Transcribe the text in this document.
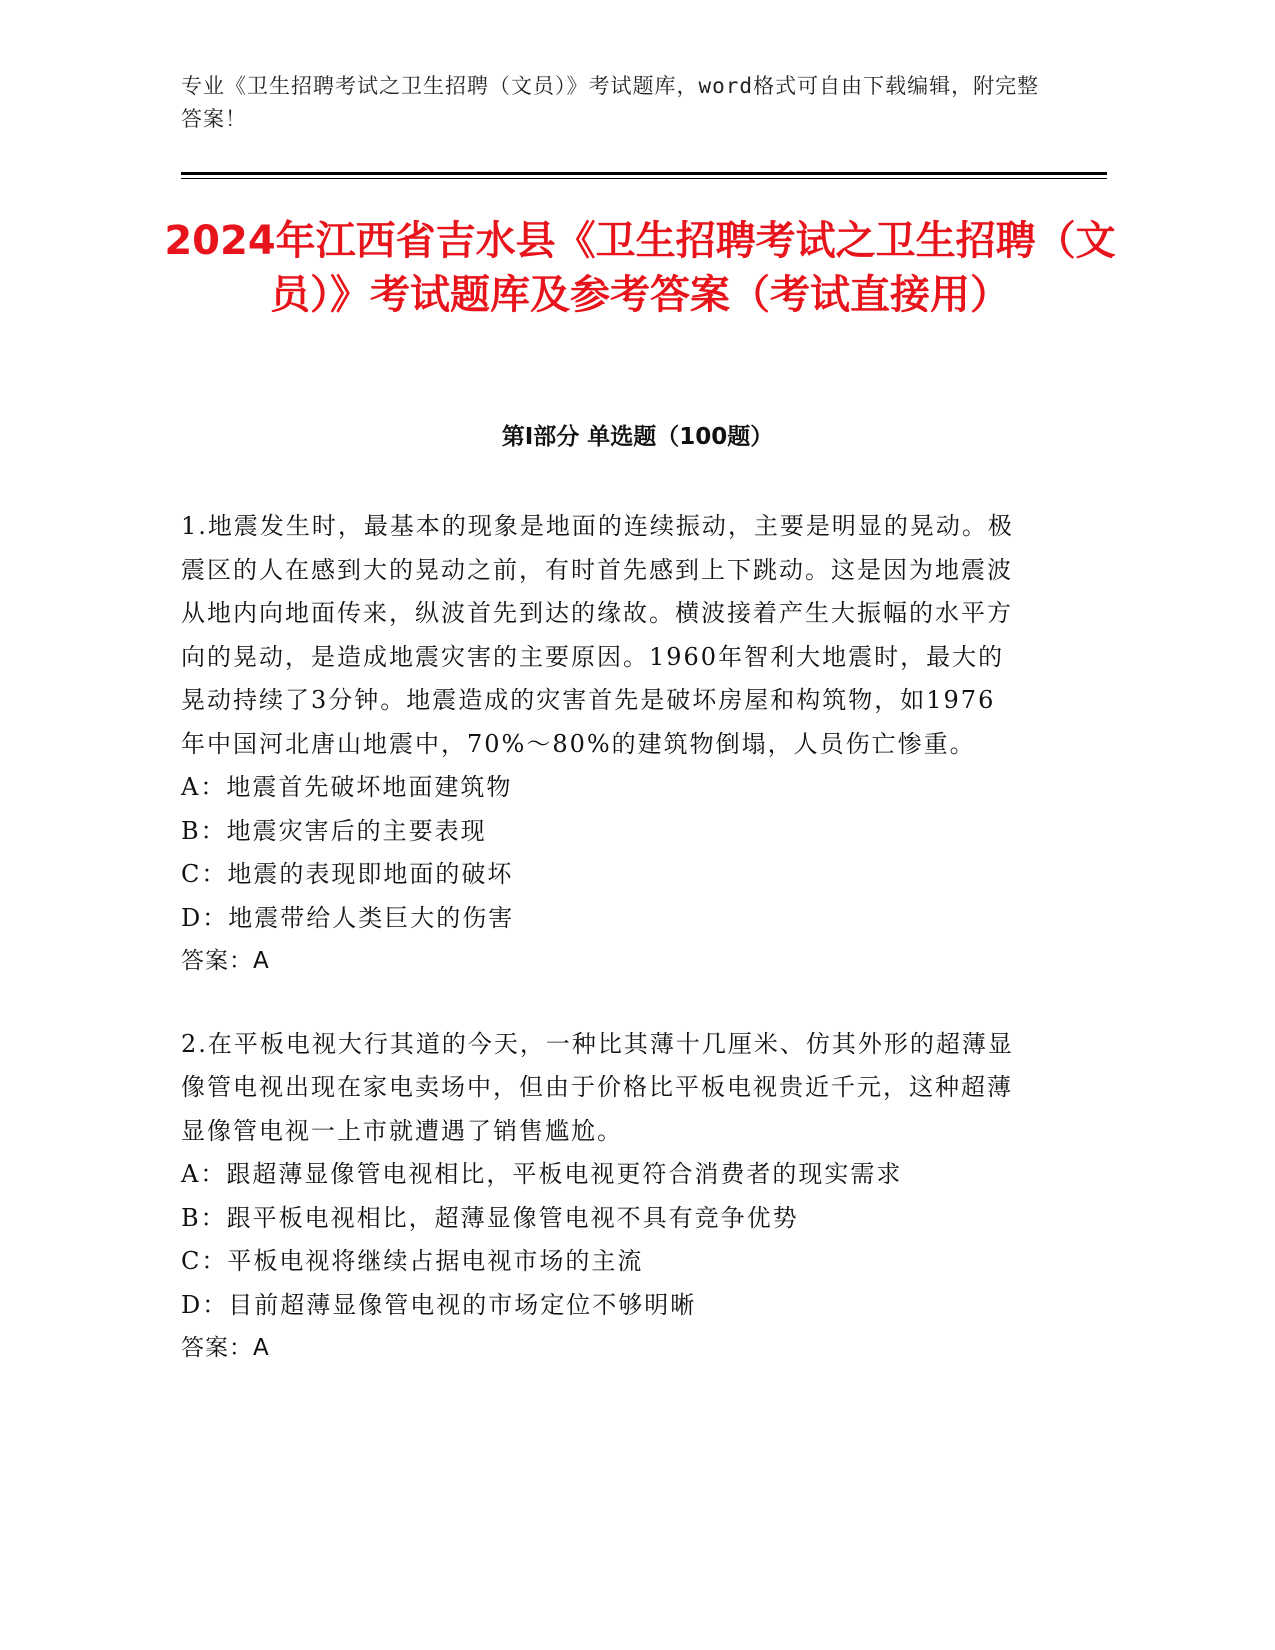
专业《卫生招聘考试之卫生招聘（文员）》考试题库，word格式可自由下载编辑，附完整答案！
2024年江西省吉水县《卫生招聘考试之卫生招聘（文员）》考试题库及参考答案（考试直接用）
第Ⅰ部分 单选题（100题）

1.地震发生时，最基本的现象是地面的连续振动，主要是明显的晃动。极震区的人在感到大的晃动之前，有时首先感到上下跳动。这是因为地震波从地内向地面传来，纵波首先到达的缘故。横波接着产生大振幅的水平方向的晃动，是造成地震灾害的主要原因。1960年智利大地震时，最大的晃动持续了3分钟。地震造成的灾害首先是破坏房屋和构筑物，如1976年中国河北唐山地震中，70%～80%的建筑物倒塌，人员伤亡惨重。

A：地震首先破坏地面建筑物
B：地震灾害后的主要表现
C：地震的表现即地面的破坏
D：地震带给人类巨大的伤害

答案：A

2.在平板电视大行其道的今天，一种比其薄十几厘米、仿其外形的超薄显像管电视出现在家电卖场中，但由于价格比平板电视贵近千元，这种超薄显像管电视一上市就遭遇了销售尴尬。

A：跟超薄显像管电视相比，平板电视更符合消费者的现实需求
B：跟平板电视相比，超薄显像管电视不具有竞争优势
C：平板电视将继续占据电视市场的主流
D：目前超薄显像管电视的市场定位不够明晰

答案：A
